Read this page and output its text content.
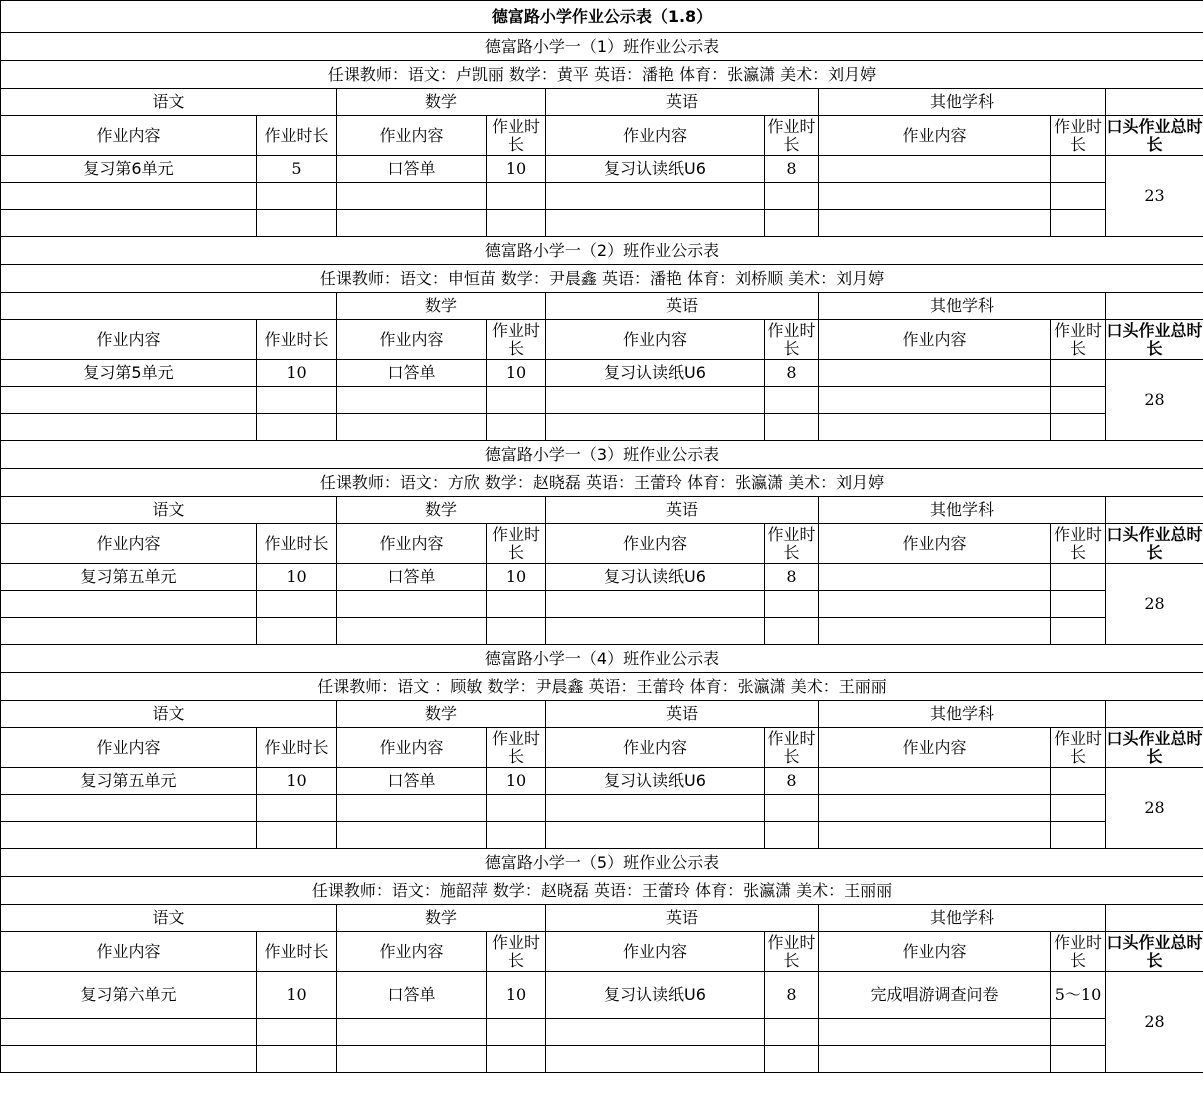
德富路小学作业公示表（1.8）								
德富路小学一（1）班作业公示表								
任课教师：语文：卢凯丽 数学：黄平 英语：潘艳 体育：张瀛潇 美术：刘月婷								
语文		数学		英语		其他学科		
作业内容	作业时长	作业内容	作业时长	作业内容	作业时长	作业内容	作业时长	口头作业总时长
复习第6单元	5	口答单	10	复习认读纸U6	8			23

德富路小学一（2）班作业公示表								
任课教师：语文：申恒苗 数学：尹晨鑫 英语：潘艳 体育：刘桥顺 美术：刘月婷								
		数学		英语		其他学科		
作业内容	作业时长	作业内容	作业时长	作业内容	作业时长	作业内容	作业时长	口头作业总时长
复习第5单元	10	口答单	10	复习认读纸U6	8			28

德富路小学一（3）班作业公示表								
任课教师：语文：方欣 数学：赵晓磊 英语：王蕾玲 体育：张瀛潇 美术：刘月婷								
语文		数学		英语		其他学科		
作业内容	作业时长	作业内容	作业时长	作业内容	作业时长	作业内容	作业时长	口头作业总时长
复习第五单元	10	口答单	10	复习认读纸U6	8			28

德富路小学一（4）班作业公示表								
任课教师：语文 ：顾敏 数学：尹晨鑫 英语：王蕾玲 体育：张瀛潇 美术：王丽丽								
语文		数学		英语		其他学科		
作业内容	作业时长	作业内容	作业时长	作业内容	作业时长	作业内容	作业时长	口头作业总时长
复习第五单元	10	口答单	10	复习认读纸U6	8			28

德富路小学一（5）班作业公示表								
任课教师：语文：施韶萍 数学：赵晓磊 英语：王蕾玲 体育：张瀛潇 美术：王丽丽								
语文		数学		英语		其他学科		
作业内容	作业时长	作业内容	作业时长	作业内容	作业时长	作业内容	作业时长	口头作业总时长
复习第六单元	10	口答单	10	复习认读纸U6	8	完成唱游调查问卷	5～10	28
